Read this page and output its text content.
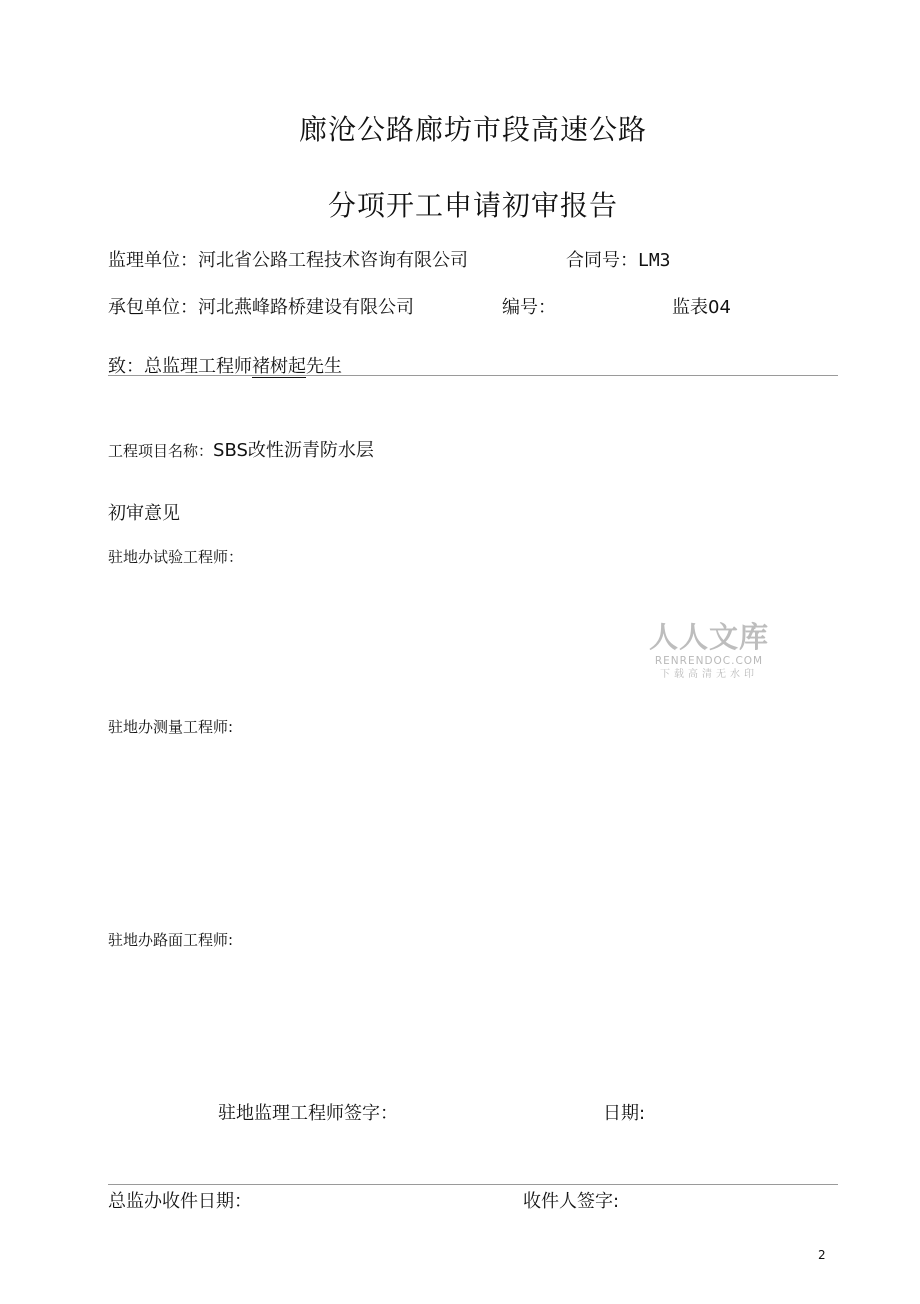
廊沧公路廊坊市段高速公路
分项开工申请初审报告
监理单位：河北省公路工程技术咨询有限公司	合同号：LM3
承包单位：河北燕峰路桥建设有限公司	编号：	监表04
致：总监理工程师褚树起先生
工程项目名称：SBS改性沥青防水层
初审意见
驻地办试验工程师：
人人文库
RENRENDOC.COM
下载高清无水印
驻地办测量工程师:
驻地办路面工程师:
驻地监理工程师签字：	日期:
总监办收件日期：	收件人签字:
2
